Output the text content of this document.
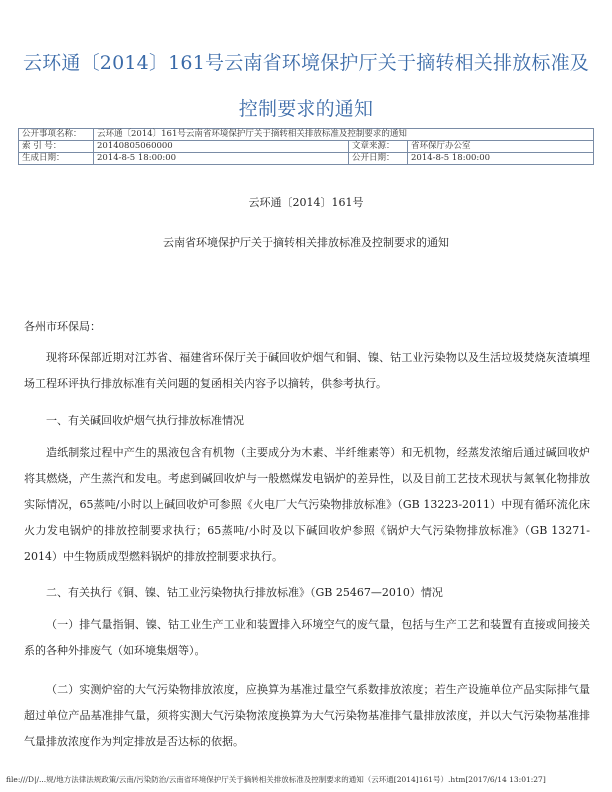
云环通〔2014〕161号云南省环境保护厅关于摘转相关排放标准及控制要求的通知
公开事项名称：	云环通〔2014〕161号云南省环境保护厅关于摘转相关排放标准及控制要求的通知		
索 引 号：	20140805060000	文章来源：	省环保厅办公室
生成日期：	2014-8-5 18:00:00	公开日期：	2014-8-5 18:00:00
云环通〔2014〕161号
云南省环境保护厅关于摘转相关排放标准及控制要求的通知
各州市环保局：
现将环保部近期对江苏省、福建省环保厅关于碱回收炉烟气和铜、镍、钴工业污染物以及生活垃圾焚烧灰渣填埋场工程环评执行排放标准有关问题的复函相关内容予以摘转，供参考执行。
一、有关碱回收炉烟气执行排放标准情况
造纸制浆过程中产生的黑液包含有机物（主要成分为木素、半纤维素等）和无机物，经蒸发浓缩后通过碱回收炉将其燃烧，产生蒸汽和发电。考虑到碱回收炉与一般燃煤发电锅炉的差异性，以及目前工艺技术现状与氮氧化物排放实际情况，65蒸吨/小时以上碱回收炉可参照《火电厂大气污染物排放标准》（GB 13223-2011）中现有循环流化床火力发电锅炉的排放控制要求执行；65蒸吨/小时及以下碱回收炉参照《锅炉大气污染物排放标准》（GB 13271-2014）中生物质成型燃料锅炉的排放控制要求执行。
二、有关执行《铜、镍、钴工业污染物执行排放标准》（GB 25467—2010）情况
（一）排气量指铜、镍、钴工业生产工业和装置排入环境空气的废气量，包括与生产工艺和装置有直接或间接关系的各种外排废气（如环境集烟等）。
（二）实测炉窑的大气污染物排放浓度，应换算为基准过量空气系数排放浓度；若生产设施单位产品实际排气量超过单位产品基准排气量，须将实测大气污染物浓度换算为大气污染物基准排气量排放浓度，并以大气污染物基准排气量排放浓度作为判定排放是否达标的依据。
file:///D|/...规/地方法律法规政策/云南/污染防治/云南省环境保护厅关于摘转相关排放标准及控制要求的通知（云环通[2014]161号）.htm[2017/6/14 13:01:27]
